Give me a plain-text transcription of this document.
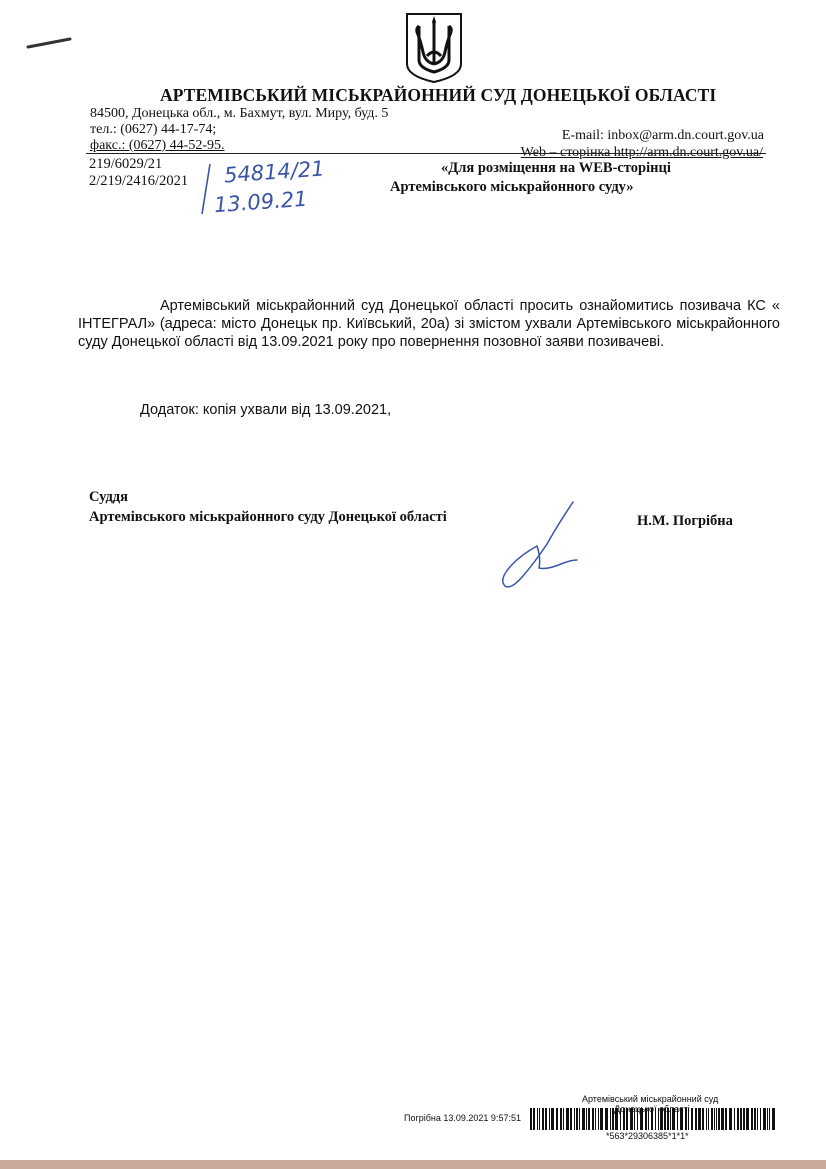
АРТЕМІВСЬКИЙ МІСЬКРАЙОННИЙ СУД ДОНЕЦЬКОЇ ОБЛАСТІ
84500, Донецька обл., м. Бахмут, вул. Миру, буд. 5
тел.: (0627) 44-17-74;
факс.: (0627) 44-52-95.
E-mail: inbox@arm.dn.court.gov.ua
Web – сторінка http://arm.dn.court.gov.ua/
219/6029/21
2/219/2416/2021 54814/21
13.09.21
«Для розміщення на WEB-сторінці
Артемівського міськрайонного суду»
Артемівський міськрайонний суд Донецької області просить ознайомитись позивача КС « ІНТЕГРАЛ» (адреса: місто Донецьк пр. Київський, 20а) зі змістом ухвали Артемівського міськрайонного суду Донецької області від 13.09.2021 року про повернення позовної заяви позивачеві.
Додаток: копія ухвали від 13.09.2021,
Суддя
Артемівського міськрайонного суду Донецької області	Н.М. Погрібна
Артемівський міськрайонний суд
Донецької
Погрібна 13.09.2021 9:57:51
*563*29306385*1*1*
